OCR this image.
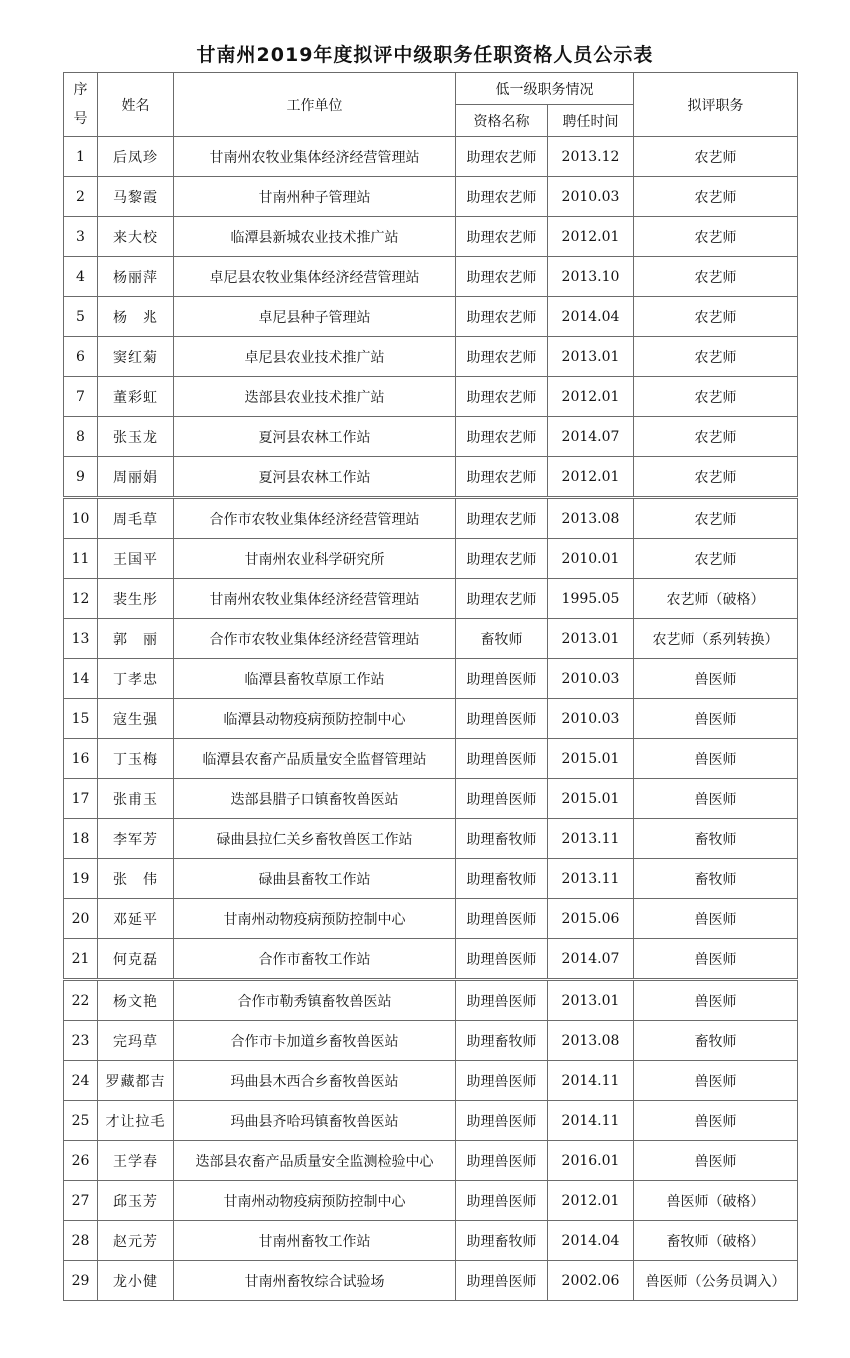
甘南州2019年度拟评中级职务任职资格人员公示表
序
号	姓名	工作单位	低一级职务情况		拟评职务
			资格名称	聘任时间	
1	后凤珍	甘南州农牧业集体经济经营管理站	助理农艺师	2013.12	农艺师
2	马黎霞	甘南州种子管理站	助理农艺师	2010.03	农艺师
3	来大校	临潭县新城农业技术推广站	助理农艺师	2012.01	农艺师
4	杨丽萍	卓尼县农牧业集体经济经营管理站	助理农艺师	2013.10	农艺师
5	杨　兆	卓尼县种子管理站	助理农艺师	2014.04	农艺师
6	窦红菊	卓尼县农业技术推广站	助理农艺师	2013.01	农艺师
7	董彩虹	迭部县农业技术推广站	助理农艺师	2012.01	农艺师
8	张玉龙	夏河县农林工作站	助理农艺师	2014.07	农艺师
9	周丽娟	夏河县农林工作站	助理农艺师	2012.01	农艺师
10	周毛草	合作市农牧业集体经济经营管理站	助理农艺师	2013.08	农艺师
11	王国平	甘南州农业科学研究所	助理农艺师	2010.01	农艺师
12	裴生彤	甘南州农牧业集体经济经营管理站	助理农艺师	1995.05	农艺师（破格）
13	郭　丽	合作市农牧业集体经济经营管理站	畜牧师	2013.01	农艺师（系列转换）
14	丁孝忠	临潭县畜牧草原工作站	助理兽医师	2010.03	兽医师
15	寇生强	临潭县动物疫病预防控制中心	助理兽医师	2010.03	兽医师
16	丁玉梅	临潭县农畜产品质量安全监督管理站	助理兽医师	2015.01	兽医师
17	张甫玉	迭部县腊子口镇畜牧兽医站	助理兽医师	2015.01	兽医师
18	李军芳	碌曲县拉仁关乡畜牧兽医工作站	助理畜牧师	2013.11	畜牧师
19	张　伟	碌曲县畜牧工作站	助理畜牧师	2013.11	畜牧师
20	邓延平	甘南州动物疫病预防控制中心	助理兽医师	2015.06	兽医师
21	何克磊	合作市畜牧工作站	助理兽医师	2014.07	兽医师
22	杨文艳	合作市勒秀镇畜牧兽医站	助理兽医师	2013.01	兽医师
23	完玛草	合作市卡加道乡畜牧兽医站	助理畜牧师	2013.08	畜牧师
24	罗藏都吉	玛曲县木西合乡畜牧兽医站	助理兽医师	2014.11	兽医师
25	才让拉毛	玛曲县齐哈玛镇畜牧兽医站	助理兽医师	2014.11	兽医师
26	王学春	迭部县农畜产品质量安全监测检验中心	助理兽医师	2016.01	兽医师
27	邱玉芳	甘南州动物疫病预防控制中心	助理兽医师	2012.01	兽医师（破格）
28	赵元芳	甘南州畜牧工作站	助理畜牧师	2014.04	畜牧师（破格）
29	龙小健	甘南州畜牧综合试验场	助理兽医师	2002.06	兽医师（公务员调入）
